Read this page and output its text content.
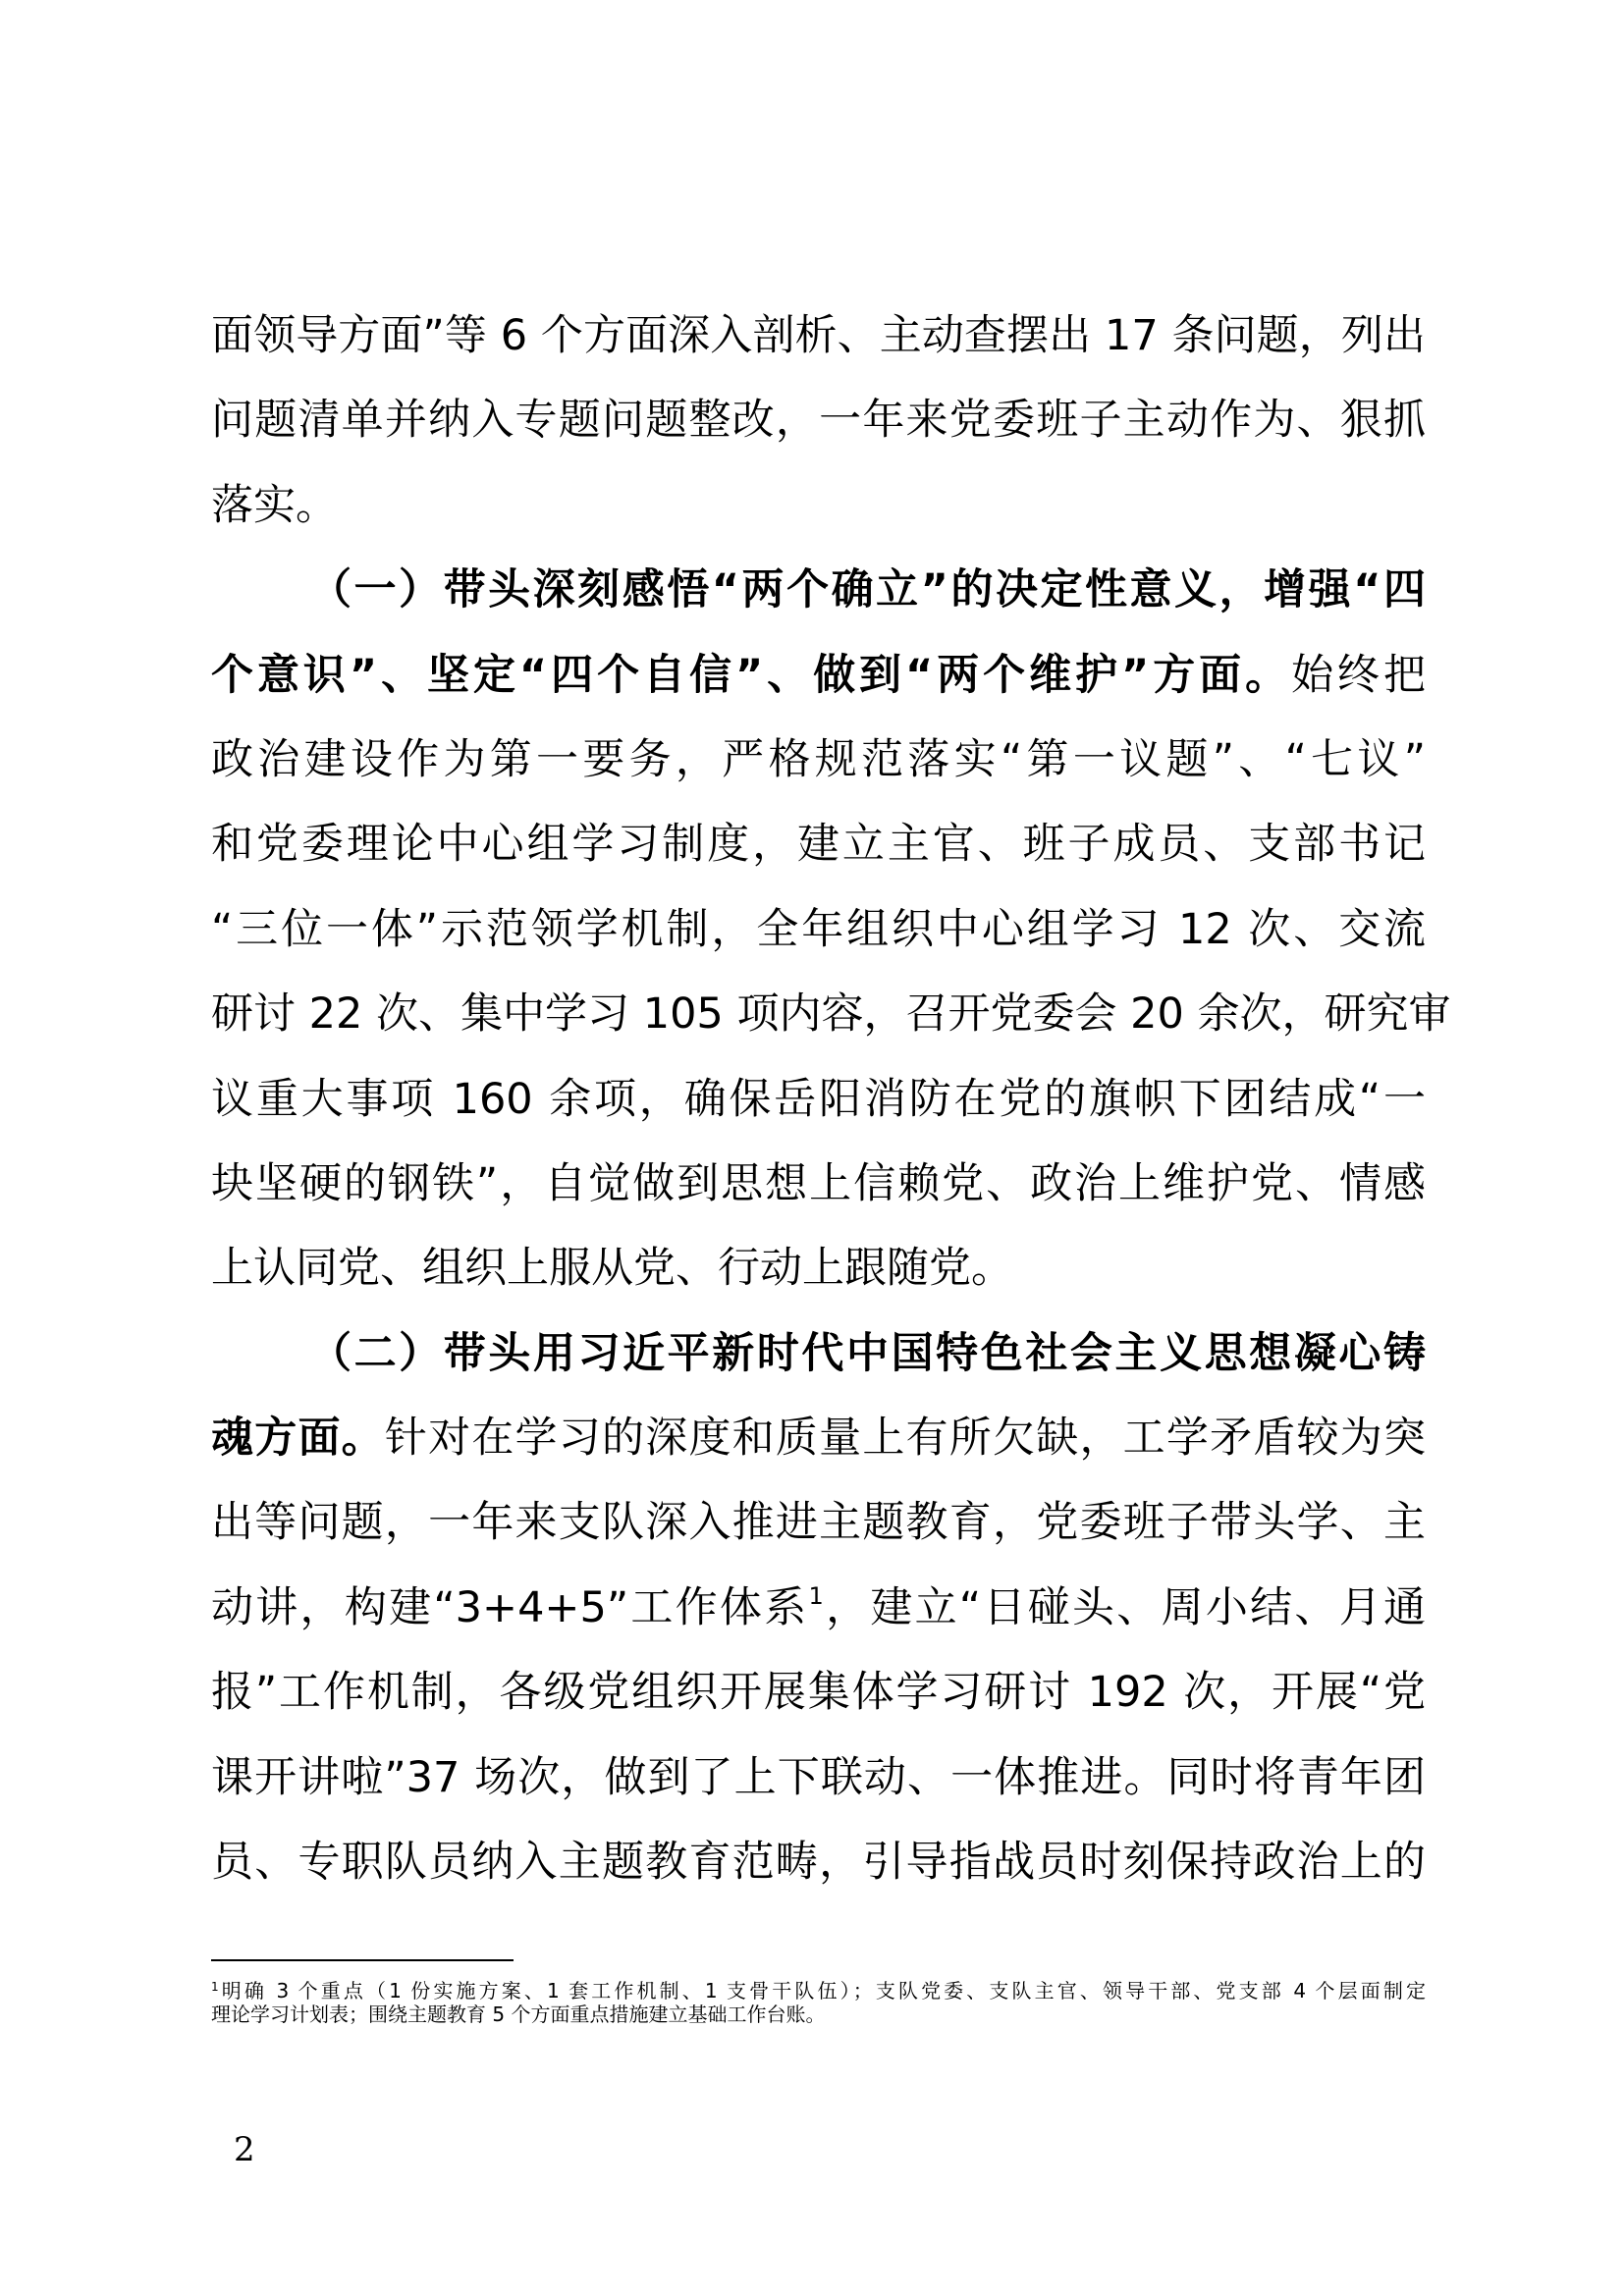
面领导方面”等 6 个方面深入剖析、主动查摆出 17 条问题，列出
问题清单并纳入专题问题整改，一年来党委班子主动作为、狠抓
落实。
（一）带头深刻感悟“两个确立”的决定性意义，增强“四
个意识”、坚定“四个自信”、做到“两个维护”方面。始终把
政治建设作为第一要务，严格规范落实“第一议题”、“七议”
和党委理论中心组学习制度，建立主官、班子成员、支部书记
“三位一体”示范领学机制，全年组织中心组学习 12 次、交流
研讨 22 次、集中学习 105 项内容，召开党委会 20 余次，研究审
议重大事项 160 余项，确保岳阳消防在党的旗帜下团结成“一
块坚硬的钢铁”，自觉做到思想上信赖党、政治上维护党、情感
上认同党、组织上服从党、行动上跟随党。
（二）带头用习近平新时代中国特色社会主义思想凝心铸
魂方面。针对在学习的深度和质量上有所欠缺，工学矛盾较为突
出等问题，一年来支队深入推进主题教育，党委班子带头学、主
动讲，构建“3+4+5”工作体系$^1$，建立“日碰头、周小结、月通
报”工作机制，各级党组织开展集体学习研讨 192 次，开展“党
课开讲啦”37 场次，做到了上下联动、一体推进。同时将青年团
员、专职队员纳入主题教育范畴，引导指战员时刻保持政治上的
$^1$明确 3 个重点（1 份实施方案、1 套工作机制、1 支骨干队伍）；支队党委、支队主官、领导干部、党支部 4 个层面制定
理论学习计划表；围绕主题教育 5 个方面重点措施建立基础工作台账。
2
